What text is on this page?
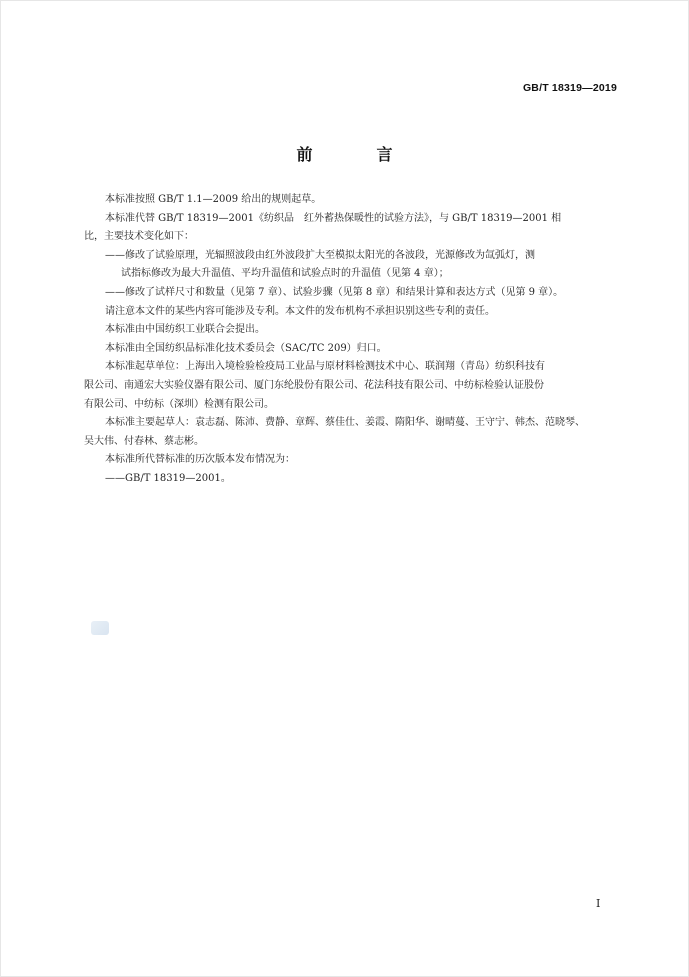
GB/T 18319—2019
前　言

本标准按照 GB/T 1.1—2009 给出的规则起草。

本标准代替 GB/T 18319—2001《纺织品　红外蓄热保暖性的试验方法》，与 GB/T 18319—2001 相

比，主要技术变化如下：

——修改了试验原理，光辐照波段由红外波段扩大至模拟太阳光的各波段，光源修改为氙弧灯，测

试指标修改为最大升温值、平均升温值和试验点时的升温值（见第 4 章）；

——修改了试样尺寸和数量（见第 7 章）、试验步骤（见第 8 章）和结果计算和表达方式（见第 9 章）。

请注意本文件的某些内容可能涉及专利。本文件的发布机构不承担识别这些专利的责任。

本标准由中国纺织工业联合会提出。

本标准由全国纺织品标准化技术委员会（SAC/TC 209）归口。

本标准起草单位：上海出入境检验检疫局工业品与原材料检测技术中心、联润翔（青岛）纺织科技有

限公司、南通宏大实验仪器有限公司、厦门东纶股份有限公司、花法科技有限公司、中纺标检验认证股份

有限公司、中纺标（深圳）检测有限公司。

本标准主要起草人：袁志磊、陈沛、费静、章辉、蔡佳仕、姜霞、隋阳华、谢晴蔓、王守宁、韩杰、范晓琴、

吴大伟、付春林、蔡志彬。

本标准所代替标准的历次版本发布情况为：

——GB/T 18319—2001。

I
